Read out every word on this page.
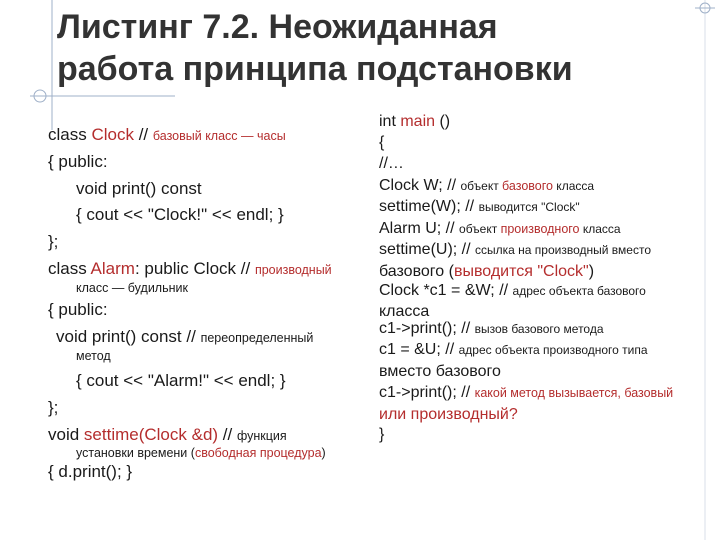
Листинг 7.2. Неожиданная
работа принципа подстановки
class Clock // базовый класс — часы
{ public:
void print() const
{ cout << "Clock!" << endl; }
};
class Alarm: public Clock // производный
класс — будильник
{ public:
void print() const // переопределенный
метод
{ cout << "Alarm!" << endl; }
};
void settime(Clock &d) // функция
установки времени (свободная процедура)
{ d.print(); }
int main ()
{
//…
Clock W; // объект базового класса
settime(W); // выводится "Clock"
Alarm U; // объект производного класса
settime(U); // ссылка на производный вместо
базового (выводится "Clock")
Clock *c1 = &W; // адрес объекта базового
класса
c1->print(); // вызов базового метода
c1 = &U; // адрес объекта производного типа
вместо базового
c1->print(); // какой метод вызывается, базовый
или производный?
}
